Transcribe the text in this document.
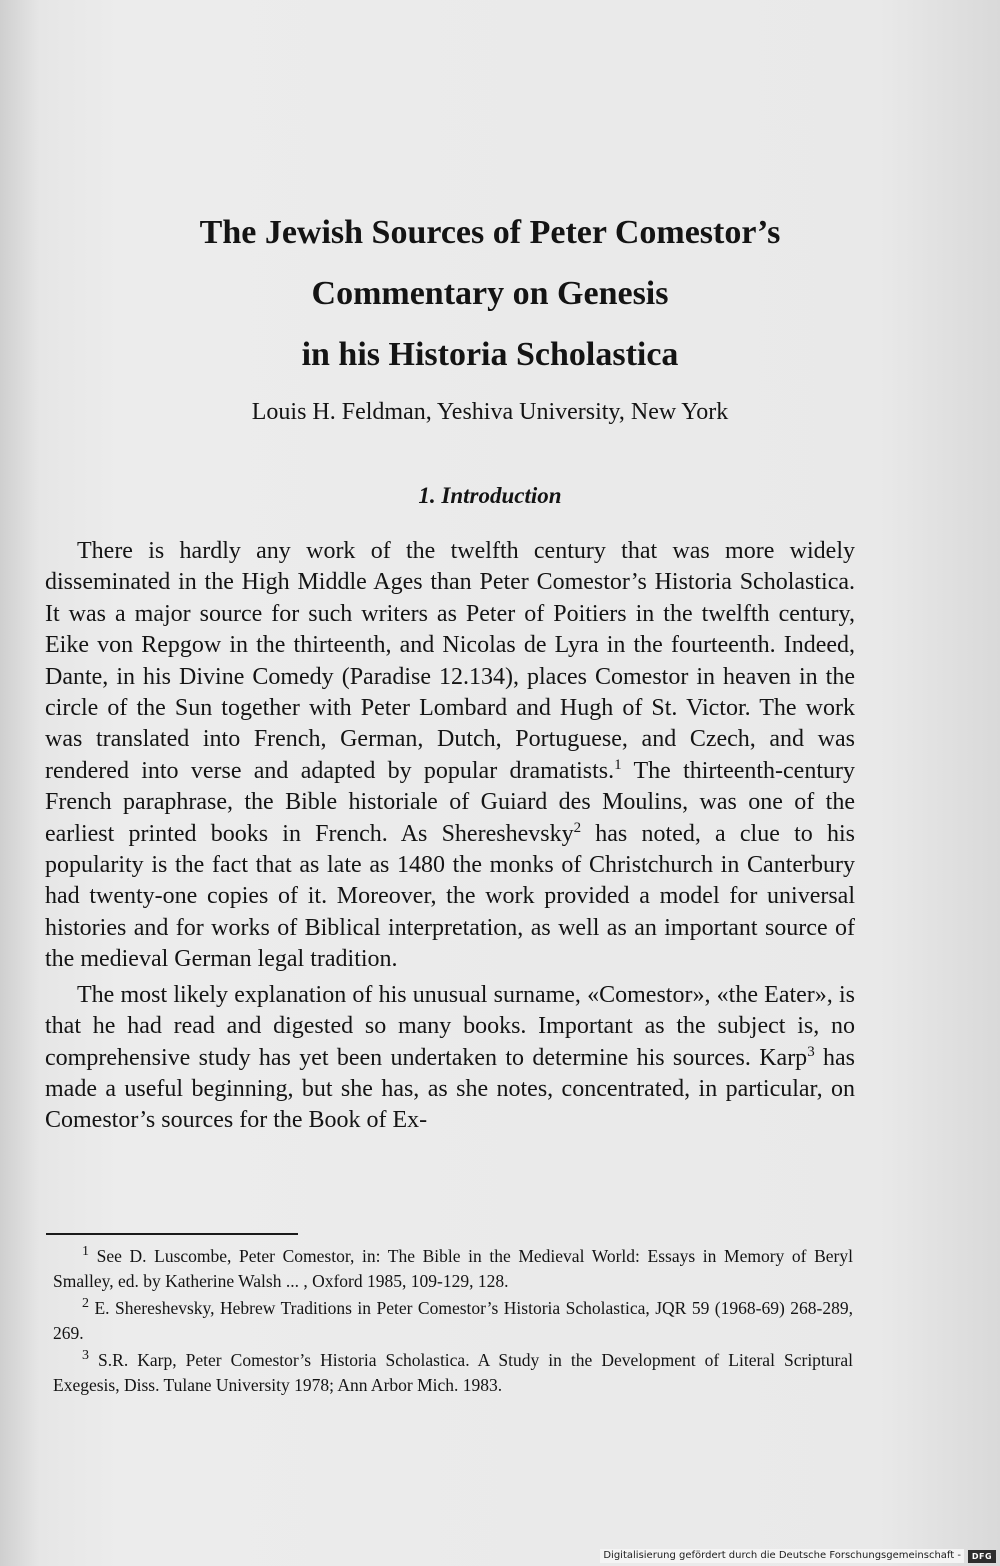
The Jewish Sources of Peter Comestor’s
Commentary on Genesis
in his Historia Scholastica
Louis H. Feldman, Yeshiva University, New York
1. Introduction

There is hardly any work of the twelfth century that was more widely disseminated in the High Middle Ages than Peter Comestor’s Historia Scholastica. It was a major source for such writers as Peter of Poitiers in the twelfth century, Eike von Repgow in the thirteenth, and Nicolas de Lyra in the fourteenth. Indeed, Dante, in his Divine Comedy (Paradise 12.134), places Comestor in heaven in the circle of the Sun together with Peter Lombard and Hugh of St. Victor. The work was translated into French, German, Dutch, Portuguese, and Czech, and was rendered into verse and adapted by popular dramatists.$^1$ The thirteenth-century French paraphrase, the Bible historiale of Guiard des Moulins, was one of the earliest printed books in French. As Shereshevsky$^2$ has noted, a clue to his popularity is the fact that as late as 1480 the monks of Christchurch in Canterbury had twenty-one copies of it. Moreover, the work provided a model for universal histories and for works of Biblical interpretation, as well as an important source of the medieval German legal tradition.

The most likely explanation of his unusual surname, «Comestor», «the Eater», is that he had read and digested so many books. Important as the subject is, no comprehensive study has yet been undertaken to determine his sources. Karp$^3$ has made a useful beginning, but she has, as she notes, concentrated, in particular, on Comestor’s sources for the Book of Ex-

$^1$ See D. Luscombe, Peter Comestor, in: The Bible in the Medieval World: Essays in Memory of Beryl Smalley, ed. by Katherine Walsh ... , Oxford 1985, 109-129, 128.

$^2$ E. Shereshevsky, Hebrew Traditions in Peter Comestor’s Historia Scholastica, JQR 59 (1968-69) 268-289, 269.

$^3$ S.R. Karp, Peter Comestor’s Historia Scholastica. A Study in the Development of Literal Scriptural Exegesis, Diss. Tulane University 1978; Ann Arbor Mich. 1983.

Digitalisierung gefördert durch die Deutsche Forschungsgemeinschaft -	DFG
